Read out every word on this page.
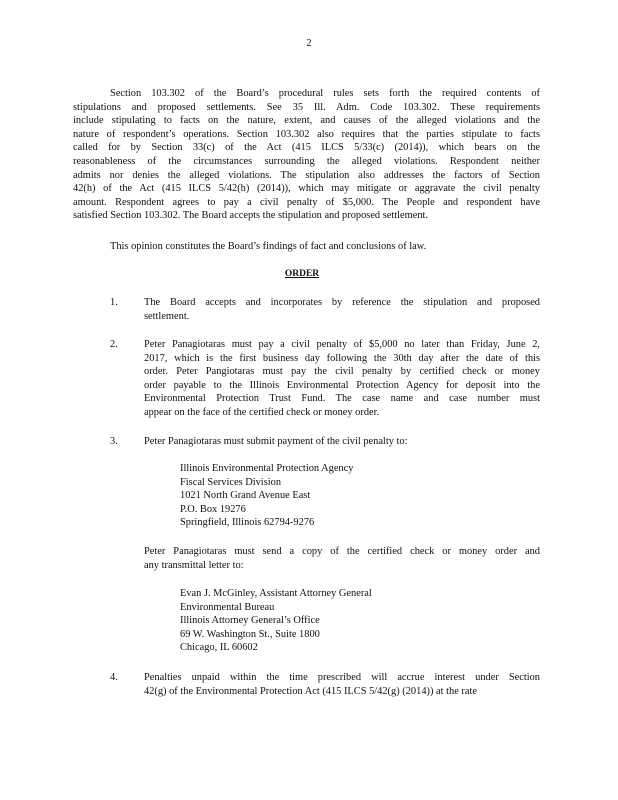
2
Section 103.302 of the Board’s procedural rules sets forth the required contents of
stipulations and proposed settlements. See 35 Ill. Adm. Code 103.302. These requirements
include stipulating to facts on the nature, extent, and causes of the alleged violations and the
nature of respondent’s operations. Section 103.302 also requires that the parties stipulate to facts
called for by Section 33(c) of the Act (415 ILCS 5/33(c) (2014)), which bears on the
reasonableness of the circumstances surrounding the alleged violations. Respondent neither
admits nor denies the alleged violations. The stipulation also addresses the factors of Section
42(h) of the Act (415 ILCS 5/42(h) (2014)), which may mitigate or aggravate the civil penalty
amount. Respondent agrees to pay a civil penalty of $5,000. The People and respondent have
satisfied Section 103.302. The Board accepts the stipulation and proposed settlement.
This opinion constitutes the Board’s findings of fact and conclusions of law.
ORDER
1.	The Board accepts and incorporates by reference the stipulation and proposed
settlement.
2.	Peter Panagiotaras must pay a civil penalty of $5,000 no later than Friday, June 2,
2017, which is the first business day following the 30th day after the date of this
order. Peter Pangiotaras must pay the civil penalty by certified check or money
order payable to the Illinois Environmental Protection Agency for deposit into the
Environmental Protection Trust Fund. The case name and case number must
appear on the face of the certified check or money order.
3.	Peter Panagiotaras must submit payment of the civil penalty to:
Illinois Environmental Protection Agency
Fiscal Services Division
1021 North Grand Avenue East
P.O. Box 19276
Springfield, Illinois 62794-9276
Peter Panagiotaras must send a copy of the certified check or money order and
any transmittal letter to:
Evan J. McGinley, Assistant Attorney General
Environmental Bureau
Illinois Attorney General’s Office
69 W. Washington St., Suite 1800
Chicago, IL 60602
4.	Penalties unpaid within the time prescribed will accrue interest under Section
42(g) of the Environmental Protection Act (415 ILCS 5/42(g) (2014)) at the rate
